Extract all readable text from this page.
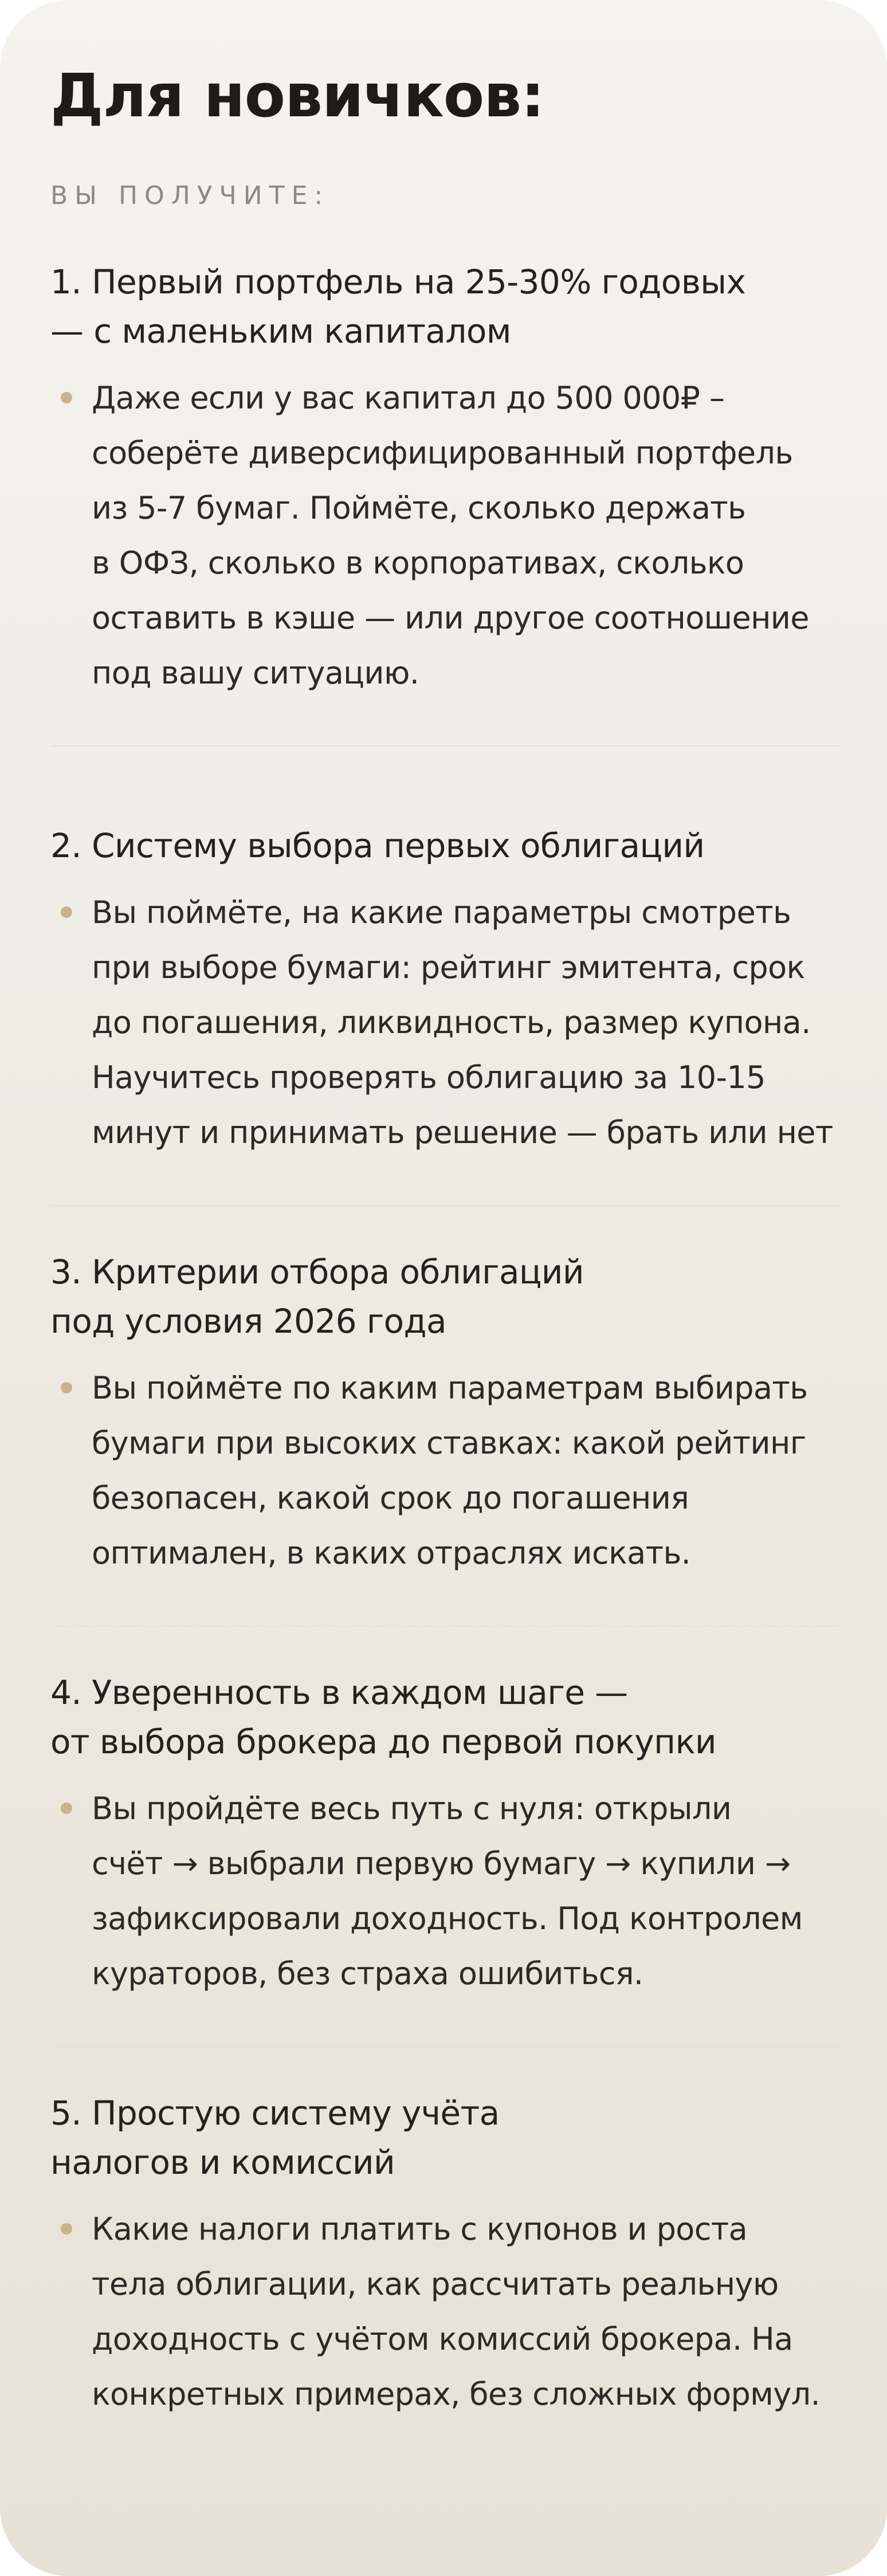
Для новичков:
ВЫ ПОЛУЧИТЕ:
1. Первый портфель на 25-30% годовых
— с маленьким капиталом

Даже если у вас капитал до 500 000₽ –
соберёте диверсифицированный портфель
из 5-7 бумаг. Поймёте, сколько держать
в ОФЗ, сколько в корпоративах, сколько
оставить в кэше — или другое соотношение
под вашу ситуацию.

2. Систему выбора первых облигаций

Вы поймёте, на какие параметры смотреть
при выборе бумаги: рейтинг эмитента, срок
до погашения, ликвидность, размер купона.
Научитесь проверять облигацию за 10-15
минут и принимать решение — брать или нет

3. Критерии отбора облигаций
под условия 2026 года

Вы поймёте по каким параметрам выбирать
бумаги при высоких ставках: какой рейтинг
безопасен, какой срок до погашения
оптимален, в каких отраслях искать.

4. Уверенность в каждом шаге —
от выбора брокера до первой покупки

Вы пройдёте весь путь с нуля: открыли
счёт → выбрали первую бумагу → купили →
зафиксировали доходность. Под контролем
кураторов, без страха ошибиться.

5. Простую систему учёта
налогов и комиссий

Какие налоги платить с купонов и роста
тела облигации, как рассчитать реальную
доходность с учётом комиссий брокера. На
конкретных примерах, без сложных формул.
